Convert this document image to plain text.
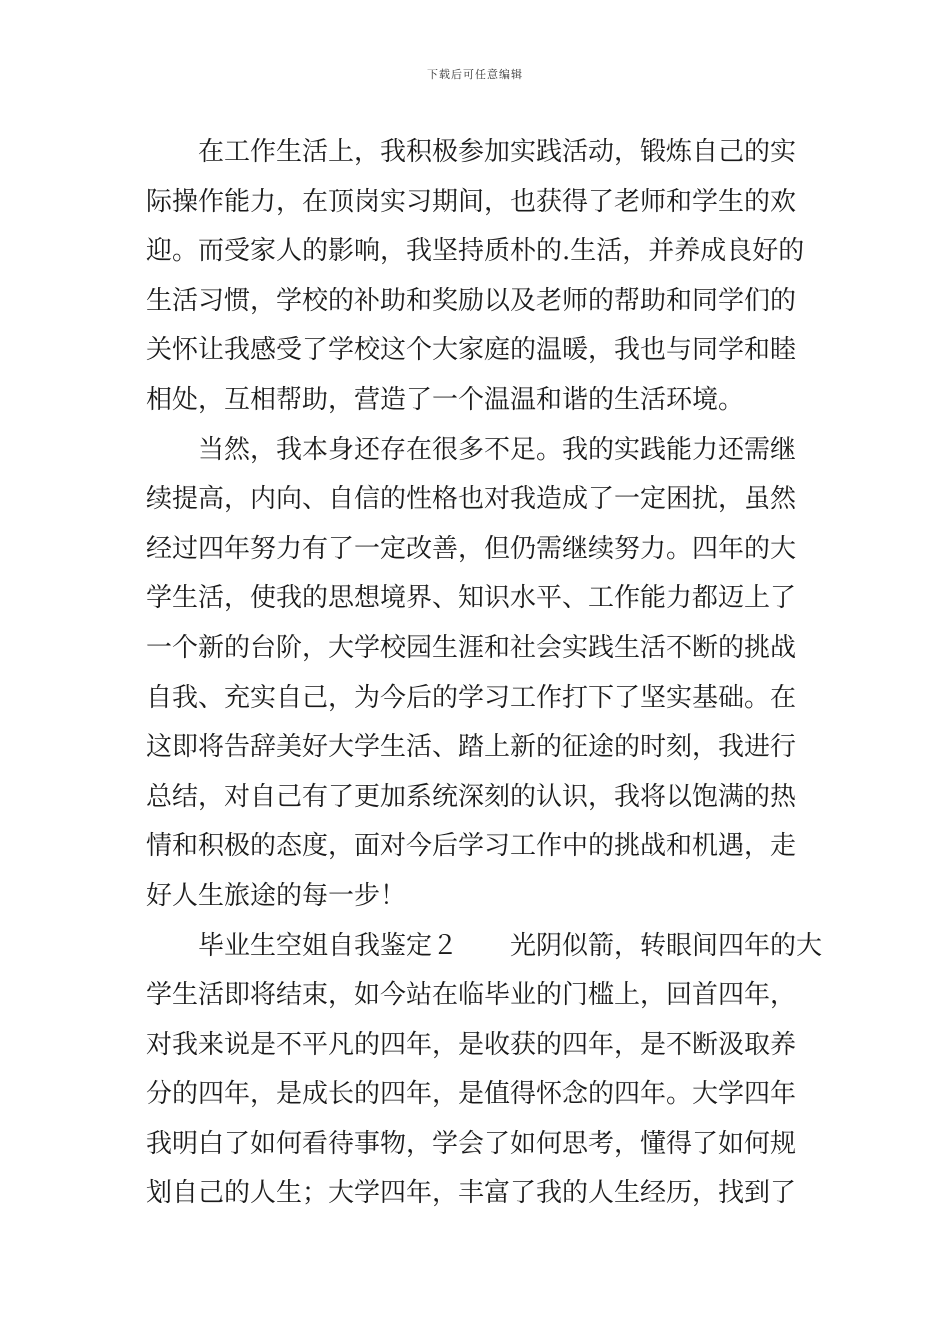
下载后可任意编辑
在工作生活上，我积极参加实践活动，锻炼自己的实
际操作能力，在顶岗实习期间，也获得了老师和学生的欢
迎。而受家人的影响，我坚持质朴的.生活，并养成良好的
生活习惯，学校的补助和奖励以及老师的帮助和同学们的
关怀让我感受了学校这个大家庭的温暖，我也与同学和睦
相处，互相帮助，营造了一个温温和谐的生活环境。
当然，我本身还存在很多不足。我的实践能力还需继
续提高，内向、自信的性格也对我造成了一定困扰，虽然
经过四年努力有了一定改善，但仍需继续努力。四年的大
学生活，使我的思想境界、知识水平、工作能力都迈上了
一个新的台阶，大学校园生涯和社会实践生活不断的挑战
自我、充实自己，为今后的学习工作打下了坚实基础。在
这即将告辞美好大学生活、踏上新的征途的时刻，我进行
总结，对自己有了更加系统深刻的认识，我将以饱满的热
情和积极的态度，面对今后学习工作中的挑战和机遇，走
好人生旅途的每一步！
毕业生空姐自我鉴定２　　光阴似箭，转眼间四年的大
学生活即将结束，如今站在临毕业的门槛上，回首四年，
对我来说是不平凡的四年，是收获的四年，是不断汲取养
分的四年，是成长的四年，是值得怀念的四年。大学四年
我明白了如何看待事物，学会了如何思考，懂得了如何规
划自己的人生；大学四年，丰富了我的人生经历，找到了
